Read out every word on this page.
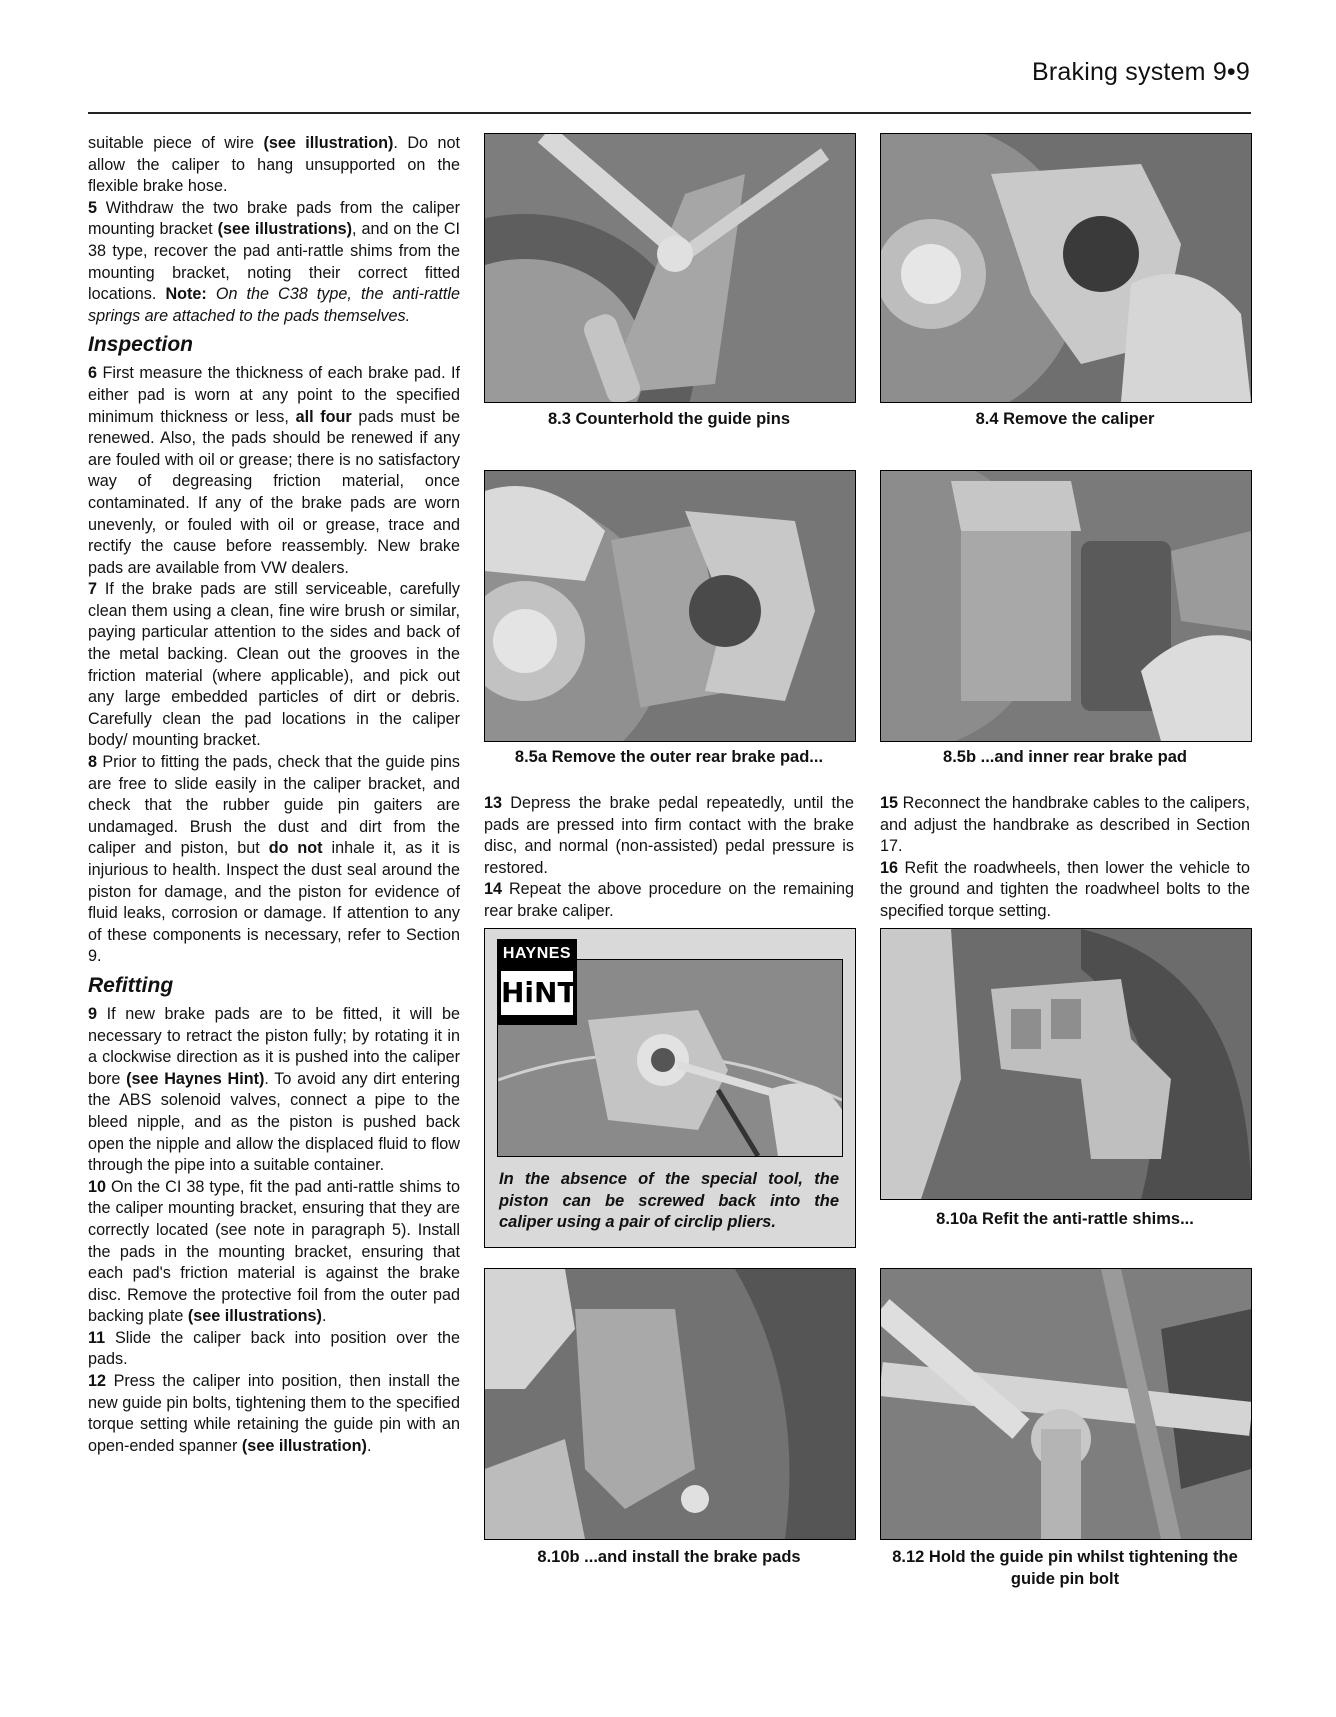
Braking system 9•9

suitable piece of wire (see illustration). Do not allow the caliper to hang unsupported on the flexible brake hose.

5 Withdraw the two brake pads from the caliper mounting bracket (see illustrations), and on the CI 38 type, recover the pad anti-rattle shims from the mounting bracket, noting their correct fitted locations. Note: On the C38 type, the anti-rattle springs are attached to the pads themselves.

Inspection

6 First measure the thickness of each brake pad. If either pad is worn at any point to the specified minimum thickness or less, all four pads must be renewed. Also, the pads should be renewed if any are fouled with oil or grease; there is no satisfactory way of degreasing friction material, once contaminated. If any of the brake pads are worn unevenly, or fouled with oil or grease, trace and rectify the cause before reassembly. New brake pads are available from VW dealers.

7 If the brake pads are still serviceable, carefully clean them using a clean, fine wire brush or similar, paying particular attention to the sides and back of the metal backing. Clean out the grooves in the friction material (where applicable), and pick out any large embedded particles of dirt or debris. Carefully clean the pad locations in the caliper body/ mounting bracket.

8 Prior to fitting the pads, check that the guide pins are free to slide easily in the caliper bracket, and check that the rubber guide pin gaiters are undamaged. Brush the dust and dirt from the caliper and piston, but do not inhale it, as it is injurious to health. Inspect the dust seal around the piston for damage, and the piston for evidence of fluid leaks, corrosion or damage. If attention to any of these components is necessary, refer to Section 9.

Refitting

9 If new brake pads are to be fitted, it will be necessary to retract the piston fully; by rotating it in a clockwise direction as it is pushed into the caliper bore (see Haynes Hint). To avoid any dirt entering the ABS solenoid valves, connect a pipe to the bleed nipple, and as the piston is pushed back open the nipple and allow the displaced fluid to flow through the pipe into a suitable container.

10 On the CI 38 type, fit the pad anti-rattle shims to the caliper mounting bracket, ensuring that they are correctly located (see note in paragraph 5). Install the pads in the mounting bracket, ensuring that each pad's friction material is against the brake disc. Remove the protective foil from the outer pad backing plate (see illustrations).

11 Slide the caliper back into position over the pads.

12 Press the caliper into position, then install the new guide pin bolts, tightening them to the specified torque setting while retaining the guide pin with an open-ended spanner (see illustration).

8.3 Counterhold the guide pins	8.4 Remove the caliper
8.5a Remove the outer rear brake pad...	8.5b ...and inner rear brake pad

13 Depress the brake pedal repeatedly, until the pads are pressed into firm contact with the brake disc, and normal (non-assisted) pedal pressure is restored.

14 Repeat the above procedure on the remaining rear brake caliper.

15 Reconnect the handbrake cables to the calipers, and adjust the handbrake as described in Section 17.

16 Refit the roadwheels, then lower the vehicle to the ground and tighten the roadwheel bolts to the specified torque setting.

HAYNES
HiNT
In the absence of the special tool, the piston can be screwed back into the caliper using a pair of circlip pliers.	8.10a Refit the anti-rattle shims...
8.10b ...and install the brake pads	8.12 Hold the guide pin whilst tightening the guide pin bolt
